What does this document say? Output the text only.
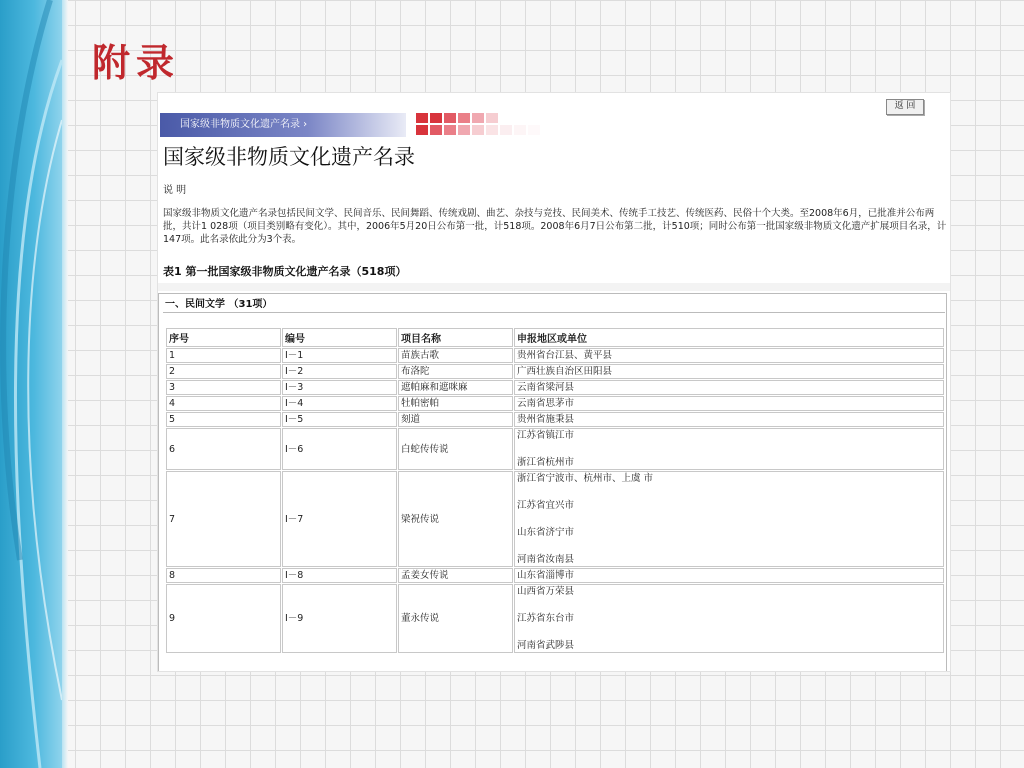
附录
返 回
国家级非物质文化遗产名录 ›
国家级非物质文化遗产名录
说 明
国家级非物质文化遗产名录包括民间文学、民间音乐、民间舞蹈、传统戏剧、曲艺、杂技与竞技、民间美术、传统手工技艺、传统医药、民俗十个大类。至2008年6月，已批准并公布两批，共计1 028项（项目类别略有变化）。其中，2006年5月20日公布第一批，计518项。2008年6月7日公布第二批，计510项；同时公布第一批国家级非物质文化遗产扩展项目名录，计147项。此名录依此分为3个表。
表1 第一批国家级非物质文化遗产名录（518项）
一、民间文学 （31项）
序号	编号	项目名称	申报地区或单位
1	Ⅰ－1	苗族古歌	贵州省台江县、黄平县

2	Ⅰ－2	布洛陀	广西壮族自治区田阳县

3	Ⅰ－3	遮帕麻和遮咪麻	云南省梁河县

4	Ⅰ－4	牡帕密帕	云南省思茅市

5	Ⅰ－5	刻道	贵州省施秉县

6	Ⅰ－6	白蛇传传说	江苏省镇江市
浙江省杭州市

7	Ⅰ－7	梁祝传说	浙江省宁波市、杭州市、上虞 市
江苏省宜兴市
山东省济宁市
河南省汝南县

8	Ⅰ－8	孟姜女传说	山东省淄博市

9	Ⅰ－9	董永传说	山西省万荣县
江苏省东台市
河南省武陟县
